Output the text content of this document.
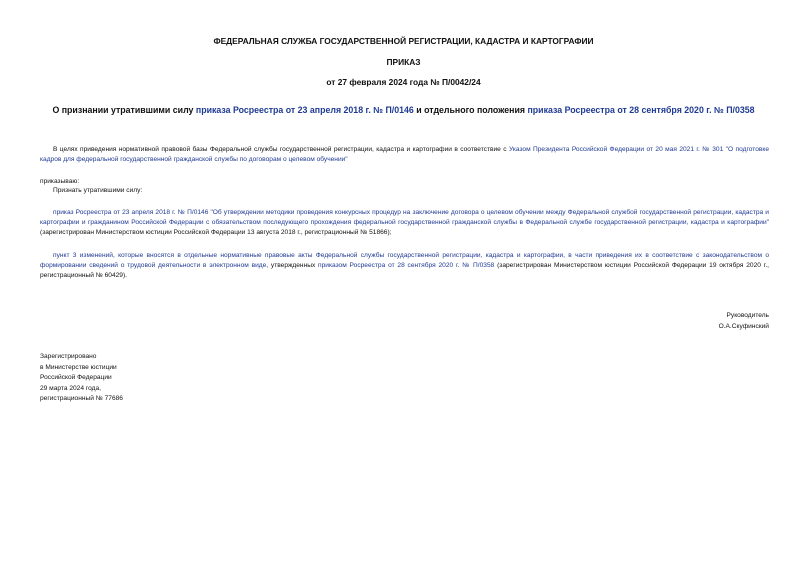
ФЕДЕРАЛЬНАЯ СЛУЖБА ГОСУДАРСТВЕННОЙ РЕГИСТРАЦИИ, КАДАСТРА И КАРТОГРАФИИ
ПРИКАЗ
от 27 февраля 2024 года № П/0042/24
О признании утратившими силу приказа Росреестра от 23 апреля 2018 г. № П/0146 и отдельного положения приказа Росреестра от 28 сентября 2020 г. № П/0358
В целях приведения нормативной правовой базы Федеральной службы государственной регистрации, кадастра и картографии в соответствие с Указом Президента Российской Федерации от 20 мая 2021 г. № 301 "О подготовке кадров для федеральной государственной гражданской службы по договорам о целевом обучении"
приказываю:
Признать утратившими силу:
приказ Росреестра от 23 апреля 2018 г. № П/0146 "Об утверждении методики проведения конкурсных процедур на заключение договора о целевом обучении между Федеральной службой государственной регистрации, кадастра и картографии и гражданином Российской Федерации с обязательством последующего прохождения федеральной государственной гражданской службы в Федеральной службе государственной регистрации, кадастра и картографии" (зарегистрирован Министерством юстиции Российской Федерации 13 августа 2018 г., регистрационный № 51866);
пункт 3 изменений, которые вносятся в отдельные нормативные правовые акты Федеральной службы государственной регистрации, кадастра и картографии, в части приведения их в соответствие с законодательством о формировании сведений о трудовой деятельности в электронном виде, утвержденных приказом Росреестра от 28 сентября 2020 г. № П/0358 (зарегистрирован Министерством юстиции Российской Федерации 19 октября 2020 г., регистрационный № 60429).
Руководитель
О.А.Скуфинский
Зарегистрировано
в Министерстве юстиции
Российской Федерации
29 марта 2024 года,
регистрационный № 77686
